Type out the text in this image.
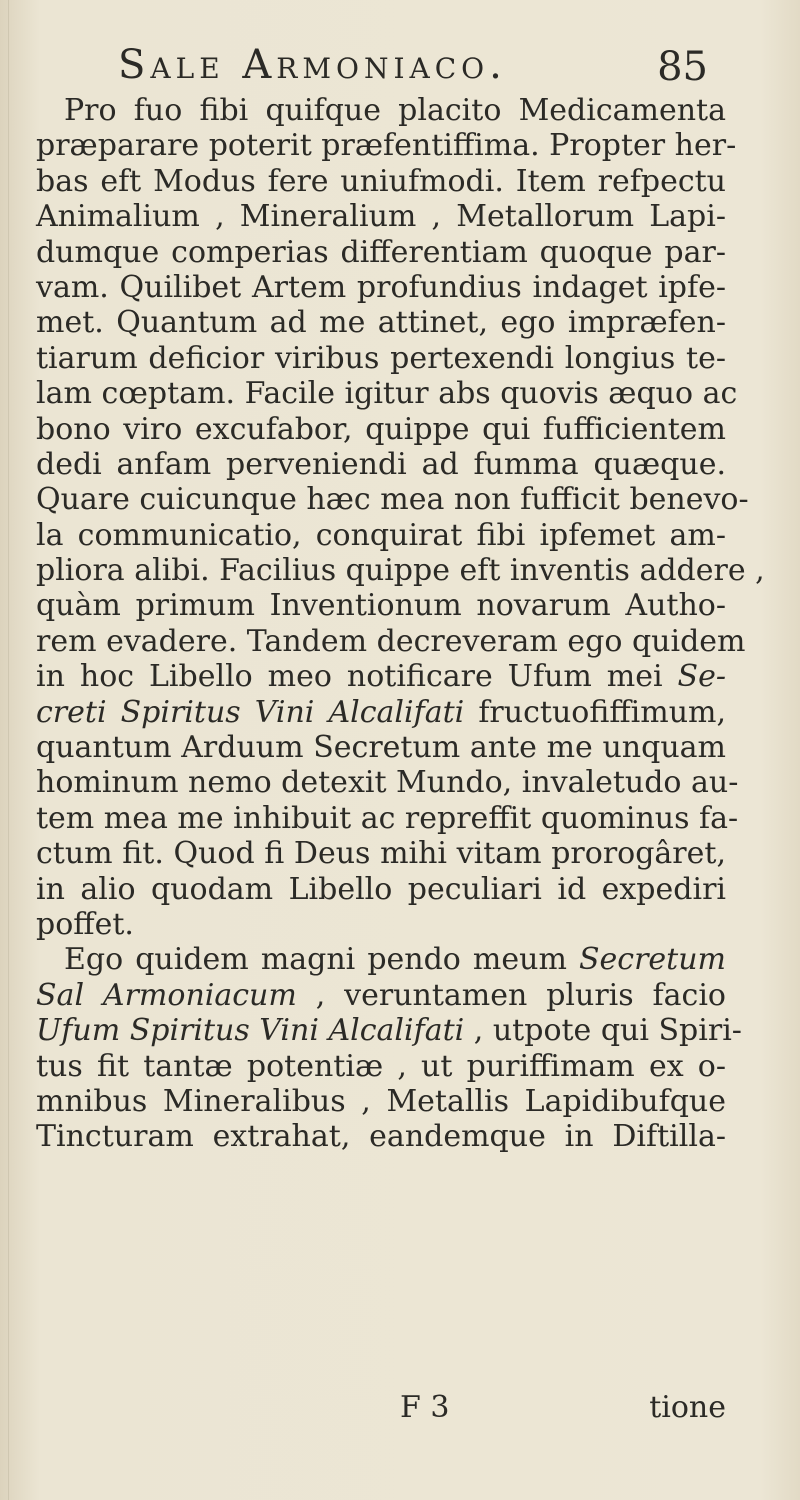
Sale Armoniaco.	85
Pro fuo fibi quifque placito Medicamenta
præparare poterit præfentiffima. Propter her-
bas eft Modus fere uniufmodi. Item refpectu
Animalium , Mineralium , Metallorum Lapi-
dumque comperias differentiam quoque par-
vam. Quilibet Artem profundius indaget ipfe-
met. Quantum ad me attinet, ego impræfen-
tiarum deficior viribus pertexendi longius te-
lam cœptam. Facile igitur abs quovis æquo ac
bono viro excufabor, quippe qui fufficientem
dedi anfam perveniendi ad fumma quæque.
Quare cuicunque hæc mea non fufficit benevo-
la communicatio, conquirat fibi ipfemet am-
pliora alibi. Facilius quippe eft inventis addere ,
quàm primum Inventionum novarum Autho-
rem evadere. Tandem decreveram ego quidem
in hoc Libello meo notificare Ufum mei Se-
creti Spiritus Vini Alcalifati fructuofiffimum,
quantum Arduum Secretum ante me unquam
hominum nemo detexit Mundo, invaletudo au-
tem mea me inhibuit ac repreffit quominus fa-
ctum fit. Quod fi Deus mihi vitam prorogâret,
in alio quodam Libello peculiari id expediri
poffet.
Ego quidem magni pendo meum Secretum
Sal Armoniacum , veruntamen pluris facio
Ufum Spiritus Vini Alcalifati , utpote qui Spiri-
tus fit tantæ potentiæ , ut puriffimam ex o-
mnibus Mineralibus , Metallis Lapidibufque
Tincturam extrahat, eandemque in Diftilla-
F 3	tione
